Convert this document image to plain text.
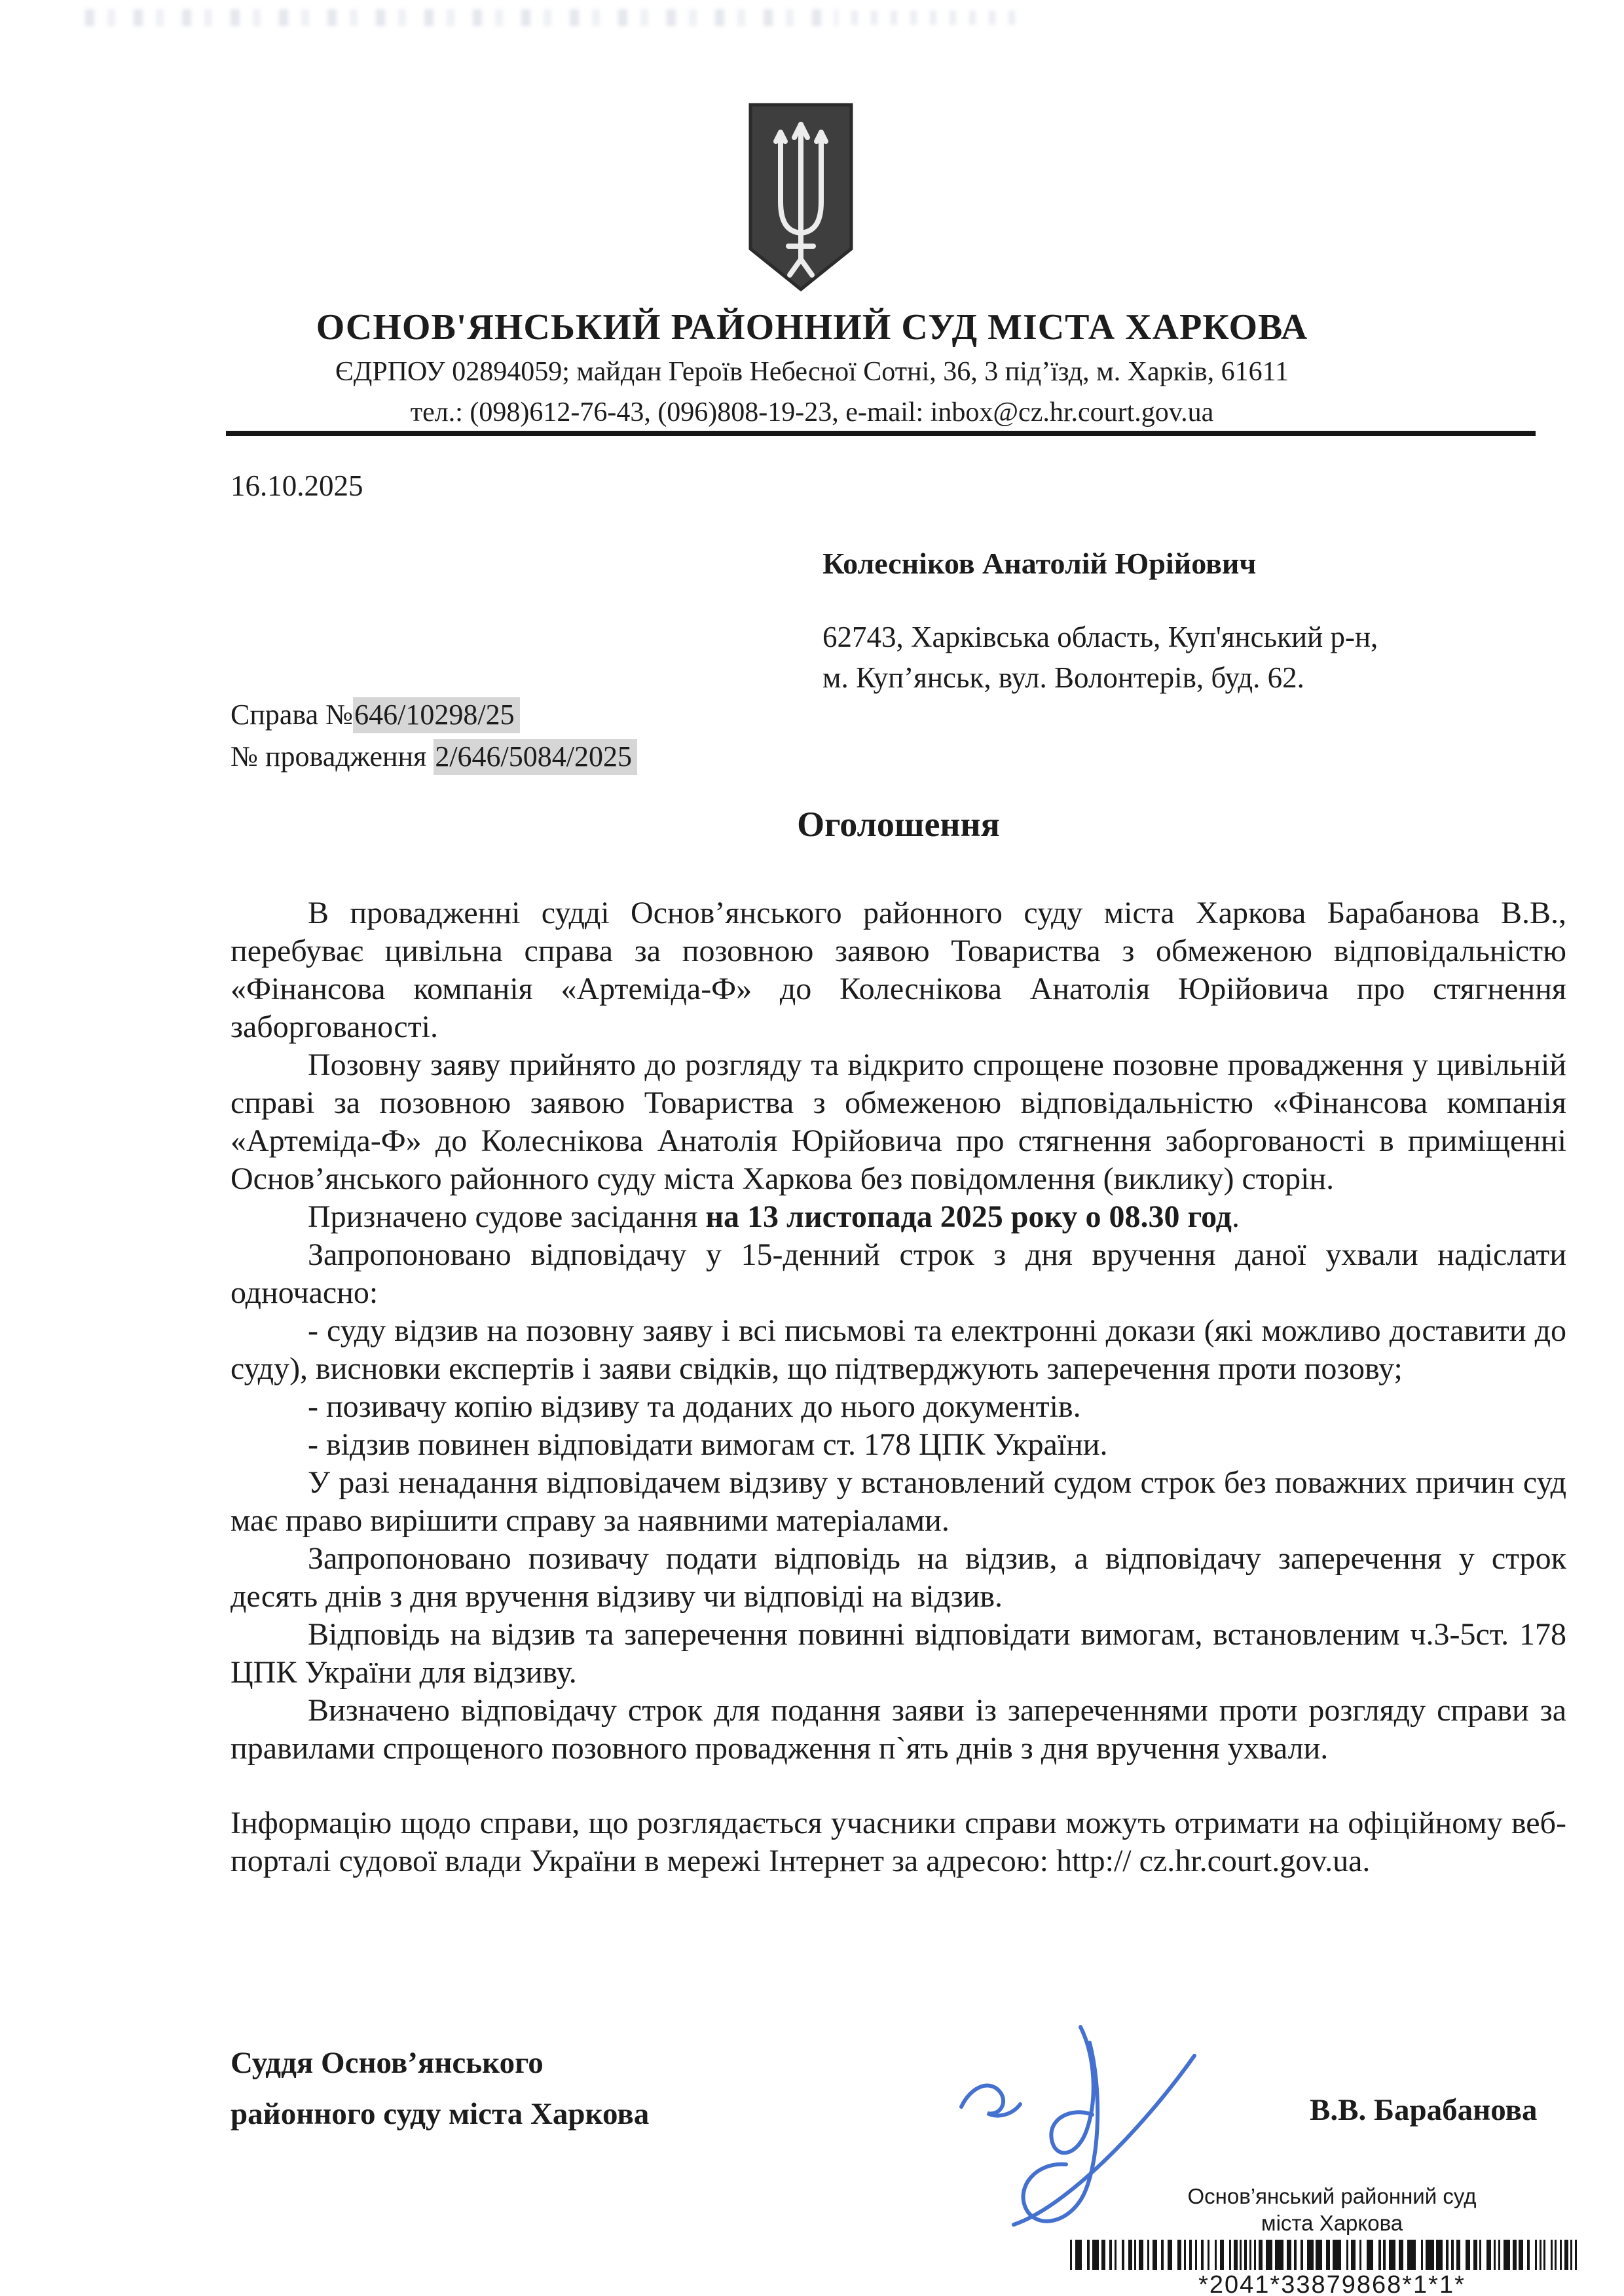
ОСНОВ'ЯНСЬКИЙ РАЙОННИЙ СУД МІСТА ХАРКОВА
ЄДРПОУ 02894059; майдан Героїв Небесної Сотні, 36, 3 під’їзд, м. Харків, 61611
тел.: (098)612-76-43, (096)808-19-23, e-mail: inbox@cz.hr.court.gov.ua
16.10.2025
Колесніков Анатолій Юрійович
62743, Харківська область, Куп'янський р-н,
м. Куп’янськ, вул. Волонтерів, буд. 62.
Справа №646/10298/25
№ провадження 2/646/5084/2025
Оголошення

В провадженні судді Основ’янського районного суду міста Харкова Барабанова В.В., перебуває цивільна справа за позовною заявою Товариства з обмеженою відповідальністю «Фінансова компанія «Артеміда-Ф» до Колеснікова Анатолія Юрійовича про стягнення заборгованості.

Позовну заяву прийнято до розгляду та відкрито спрощене позовне провадження у цивільній справі за позовною заявою Товариства з обмеженою відповідальністю «Фінансова компанія «Артеміда-Ф» до Колеснікова Анатолія Юрійовича про стягнення заборгованості в приміщенні Основ’янського районного суду міста Харкова без повідомлення (виклику) сторін.

Призначено судове засідання на 13 листопада 2025 року о 08.30 год.

Запропоновано відповідачу у 15-денний строк з дня вручення даної ухвали надіслати одночасно:

- суду відзив на позовну заяву і всі письмові та електронні докази (які можливо доставити до суду), висновки експертів і заяви свідків, що підтверджують заперечення проти позову;

- позивачу копію відзиву та доданих до нього документів.

- відзив повинен відповідати вимогам ст. 178 ЦПК України.

У разі ненадання відповідачем відзиву у встановлений судом строк без поважних причин суд має право вирішити справу за наявними матеріалами.

Запропоновано позивачу подати відповідь на відзив, а відповідачу заперечення у строк десять днів з дня вручення відзиву чи відповіді на відзив.

Відповідь на відзив та заперечення повинні відповідати вимогам, встановленим ч.3-5ст. 178 ЦПК України для відзиву.

Визначено відповідачу строк для подання заяви із запереченнями проти розгляду справи за правилами спрощеного позовного провадження п`ять днів з дня вручення ухвали.

Інформацію щодо справи, що розглядається учасники справи можуть отримати на офіційному веб-порталі судової влади України в мережі Інтернет за адресою: http:// cz.hr.court.gov.ua.

Суддя Основ’янського
районного суду міста Харкова	В.В. Барабанова
Основ’янський районний суд
міста Харкова
*2041*33879868*1*1*
